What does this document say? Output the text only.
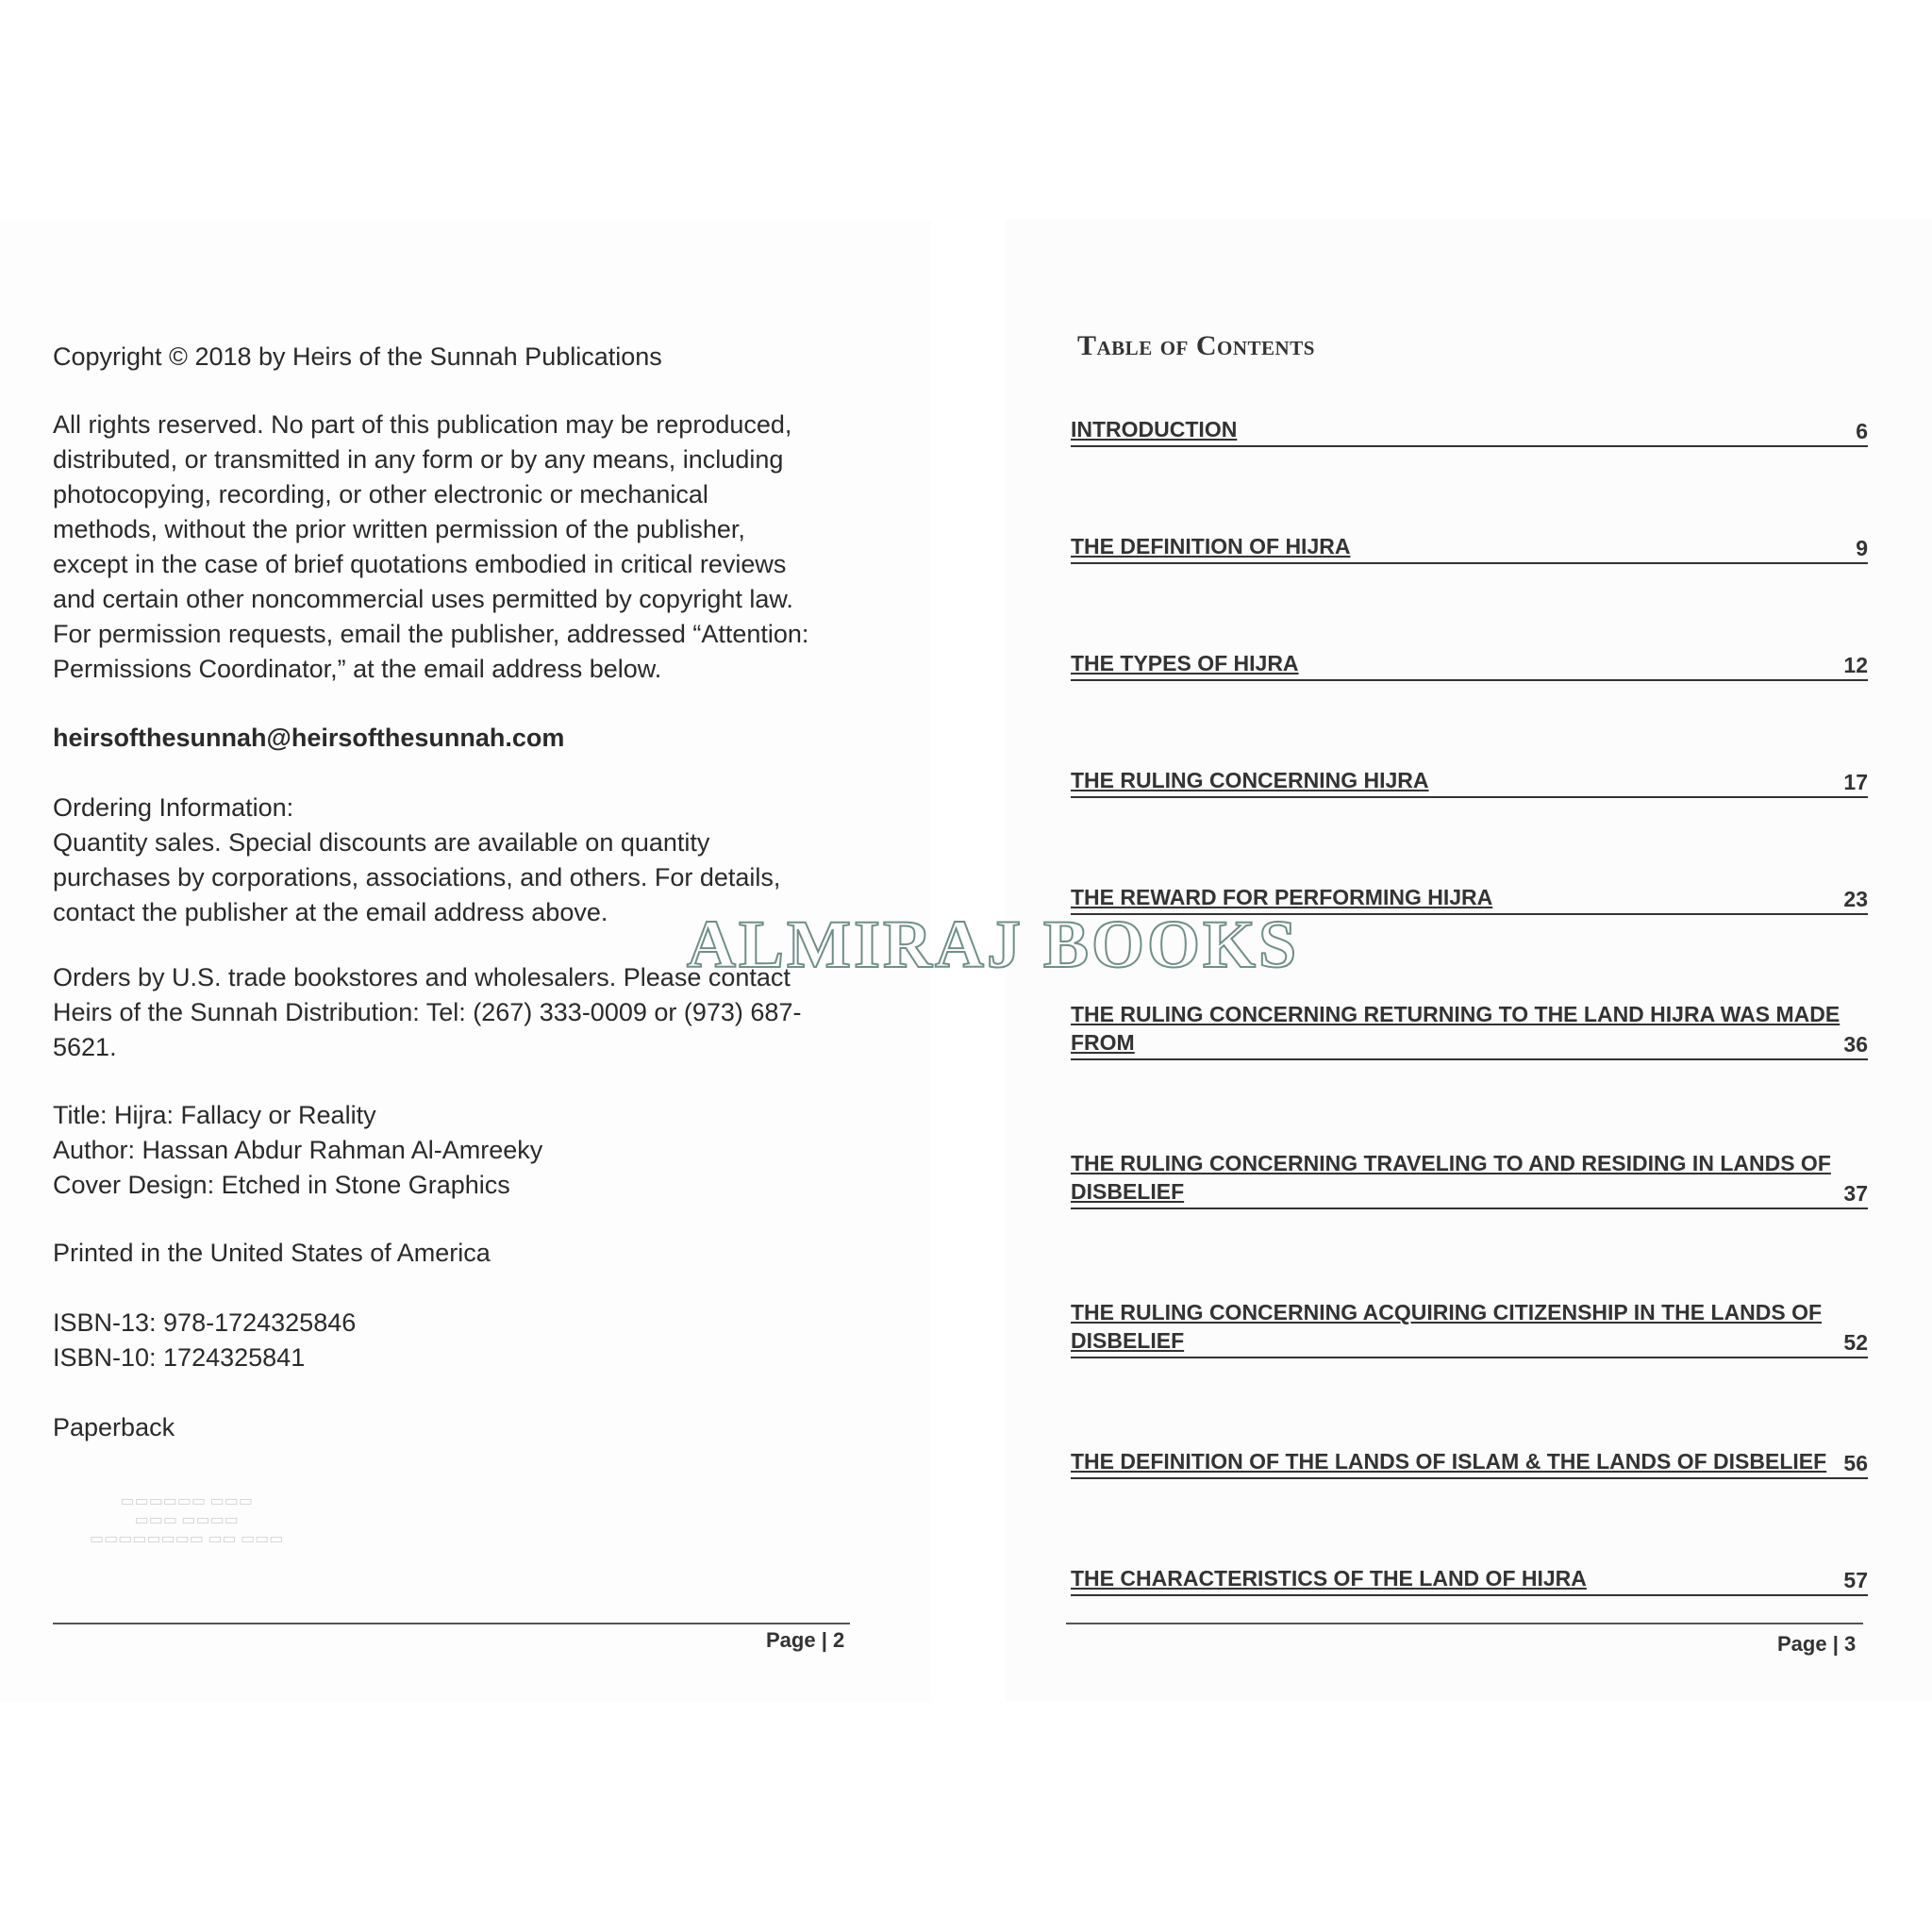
Copyright © 2018 by Heirs of the Sunnah Publications

All rights reserved. No part of this publication may be reproduced,
distributed, or transmitted in any form or by any means, including
photocopying, recording, or other electronic or mechanical
methods, without the prior written permission of the publisher,
except in the case of brief quotations embodied in critical reviews
and certain other noncommercial uses permitted by copyright law.
For permission requests, email the publisher, addressed “Attention:
Permissions Coordinator,” at the email address below.

heirsofthesunnah@heirsofthesunnah.com

Ordering Information:
Quantity sales. Special discounts are available on quantity
purchases by corporations, associations, and others. For details,
contact the publisher at the email address above.

Orders by U.S. trade bookstores and wholesalers. Please contact
Heirs of the Sunnah Distribution: Tel: (267) 333-0009 or (973) 687-
5621.

Title: Hijra: Fallacy or Reality
Author: Hassan Abdur Rahman Al-Amreeky
Cover Design: Etched in Stone Graphics

Printed in the United States of America

ISBN-13: 978-1724325846
ISBN-10: 1724325841

Paperback

▭▭▭▭▭▭ ▭▭▭
▭▭▭ ▭▭▭▭
▭▭▭▭▭▭▭▭ ▭▭ ▭▭▭
Page | 2
Table of Contents
INTRODUCTION	6
THE DEFINITION OF HIJRA	9
THE TYPES OF HIJRA	12
THE RULING CONCERNING HIJRA	17
THE REWARD FOR PERFORMING HIJRA	23
THE RULING CONCERNING RETURNING TO THE LAND HIJRA WAS MADE
FROM	36
THE RULING CONCERNING TRAVELING TO AND RESIDING IN LANDS OF
DISBELIEF	37
THE RULING CONCERNING ACQUIRING CITIZENSHIP IN THE LANDS OF
DISBELIEF	52
THE DEFINITION OF THE LANDS OF ISLAM & THE LANDS OF DISBELIEF 56
THE CHARACTERISTICS OF THE LAND OF HIJRA	57
Page | 3
ALMIRAJ BOOKS
